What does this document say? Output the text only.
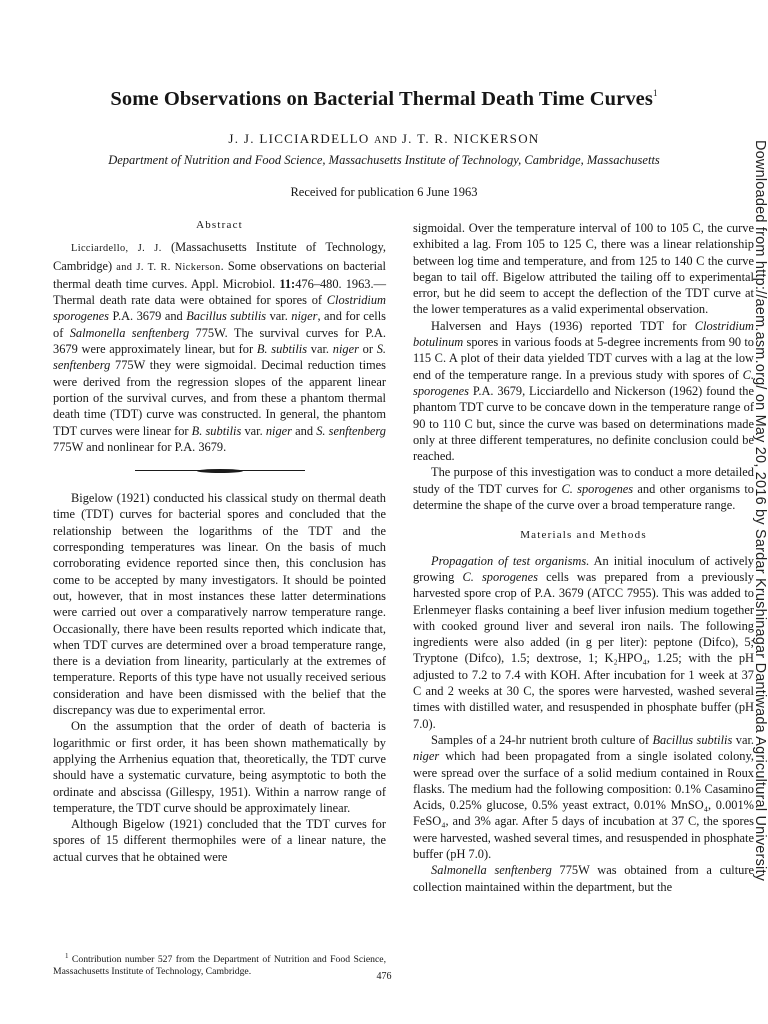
Some Observations on Bacterial Thermal Death Time Curves$^1$
J. J. LICCIARDELLO AND J. T. R. NICKERSON
Department of Nutrition and Food Science, Massachusetts Institute of Technology, Cambridge, Massachusetts
Received for publication 6 June 1963
Abstract

Licciardello, J. J. (Massachusetts Institute of Technology, Cambridge) and J. T. R. Nickerson. Some observations on bacterial thermal death time curves. Appl. Microbiol. 11:476–480. 1963.—Thermal death rate data were obtained for spores of Clostridium sporogenes P.A. 3679 and Bacillus subtilis var. niger, and for cells of Salmonella senftenberg 775W. The survival curves for P.A. 3679 were approximately linear, but for B. subtilis var. niger or S. senftenberg 775W they were sigmoidal. Decimal reduction times were derived from the regression slopes of the apparent linear portion of the survival curves, and from these a phantom thermal death time (TDT) curve was constructed. In general, the phantom TDT curves were linear for B. subtilis var. niger and S. senftenberg 775W and nonlinear for P.A. 3679.

Bigelow (1921) conducted his classical study on thermal death time (TDT) curves for bacterial spores and concluded that the relationship between the logarithms of the TDT and the corresponding temperatures was linear. On the basis of much corroborating evidence reported since then, this conclusion has come to be accepted by many investigators. It should be pointed out, however, that in most instances these latter determinations were carried out over a comparatively narrow temperature range. Occasionally, there have been results reported which indicate that, when TDT curves are determined over a broad temperature range, there is a deviation from linearity, particularly at the extremes of temperature. Reports of this type have not usually received serious consideration and have been dismissed with the belief that the discrepancy was due to experimental error.

On the assumption that the order of death of bacteria is logarithmic or first order, it has been shown mathematically by applying the Arrhenius equation that, theoretically, the TDT curve should have a systematic curvature, being asymptotic to both the ordinate and abscissa (Gillespy, 1951). Within a narrow range of temperature, the TDT curve should be approximately linear.

Although Bigelow (1921) concluded that the TDT curves for spores of 15 different thermophiles were of a linear nature, the actual curves that he obtained were

$^1$ Contribution number 527 from the Department of Nutrition and Food Science, Massachusetts Institute of Technology, Cambridge.

sigmoidal. Over the temperature interval of 100 to 105 C, the curve exhibited a lag. From 105 to 125 C, there was a linear relationship between log time and temperature, and from 125 to 140 C the curve began to tail off. Bigelow attributed the tailing off to experimental error, but he did seem to accept the deflection of the TDT curve at the lower temperatures as a valid experimental observation.

Halversen and Hays (1936) reported TDT for Clostridium botulinum spores in various foods at 5-degree increments from 90 to 115 C. A plot of their data yielded TDT curves with a lag at the low end of the temperature range. In a previous study with spores of C. sporogenes P.A. 3679, Licciardello and Nickerson (1962) found the phantom TDT curve to be concave down in the temperature range of 90 to 110 C but, since the curve was based on determinations made only at three different temperatures, no definite conclusion could be reached.

The purpose of this investigation was to conduct a more detailed study of the TDT curves for C. sporogenes and other organisms to determine the shape of the curve over a broad temperature range.

Materials and Methods

Propagation of test organisms. An initial inoculum of actively growing C. sporogenes cells was prepared from a previously harvested spore crop of P.A. 3679 (ATCC 7955). This was added to Erlenmeyer flasks containing a beef liver infusion medium together with cooked ground liver and several iron nails. The following ingredients were also added (in g per liter): peptone (Difco), 5; Tryptone (Difco), 1.5; dextrose, 1; K₂HPO₄, 1.25; with the pH adjusted to 7.2 to 7.4 with KOH. After incubation for 1 week at 37 C and 2 weeks at 30 C, the spores were harvested, washed several times with distilled water, and resuspended in phosphate buffer (pH 7.0).

Samples of a 24-hr nutrient broth culture of Bacillus subtilis var. niger which had been propagated from a single isolated colony, were spread over the surface of a solid medium contained in Roux flasks. The medium had the following composition: 0.1% Casamino Acids, 0.25% glucose, 0.5% yeast extract, 0.01% MnSO₄, 0.001% FeSO₄, and 3% agar. After 5 days of incubation at 37 C, the spores were harvested, washed several times, and resuspended in phosphate buffer (pH 7.0).

Salmonella senftenberg 775W was obtained from a culture collection maintained within the department, but the

476
Downloaded from http://aem.asm.org/ on May 20, 2016 by Sardar Krushinagar Dantiwada Agricultural University
